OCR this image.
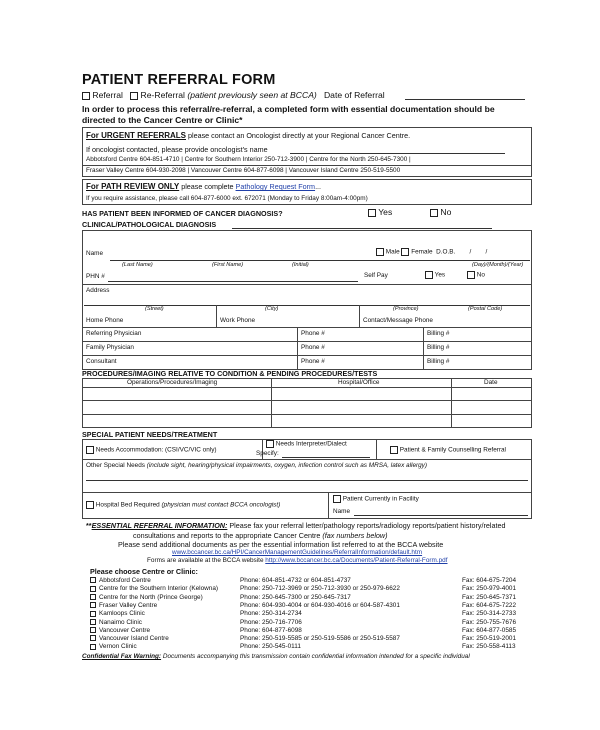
PATIENT REFERRAL FORM
Referral Re-Referral (patient previously seen at BCCA) Date of Referral
In order to process this referral/re-referral, a completed form with essential documentation should be
directed to the Cancer Centre or Clinic*
For URGENT REFERRALS please contact an Oncologist directly at your Regional Cancer Centre.
If oncologist contacted, please provide oncologist's name
Abbotsford Centre 604-851-4710 | Centre for Southern Interior 250-712-3900 | Centre for the North 250-645-7300 |
Fraser Valley Centre 604-930-2098 | Vancouver Centre 604-877-6098 | Vancouver Island Centre 250-519-5500
For PATH REVIEW ONLY please complete Pathology Request Form...
If you require assistance, please call 604-877-6000 ext. 672071 (Monday to Friday 8:00am-4:00pm)
HAS PATIENT BEEN INFORMED OF CANCER DIAGNOSIS?	Yes	No
CLINICAL/PATHOLOGICAL DIAGNOSIS
Name	Male Female D.O.B. / /
(Last Name)	(First Name)	(Initial)	(Day)/(Month)/(Year)
PHN #	Self Pay	Yes	No
Address
(Street)	(City)	(Province)	(Postal Code)
Home Phone	Work Phone	Contact/Message Phone
Referring Physician	Phone #	Billing #
Family Physician	Phone #	Billing #
Consultant	Phone #	Billing #
PROCEDURES/IMAGING RELATIVE TO CONDITION & PENDING PROCEDURES/TESTS
Operations/Procedures/Imaging	Hospital/Office	Date
SPECIAL PATIENT NEEDS/TREATMENT
Needs Accommodation: (CSI/VC/VIC only)
Needs Interpreter/Dialect
Specify:	Patient & Family Counselling Referral
Other Special Needs (include sight, hearing/physical impairments, oxygen, infection control such as MRSA, latex allergy)
Hospital Bed Required (physician must contact BCCA oncologist)
Patient Currently in Facility
Name
**ESSENTIAL REFERRAL INFORMATION: Please fax your referral letter/pathology reports/radiology reports/patient history/related
consultations and reports to the appropriate Cancer Centre (fax numbers below)
Please send additional documents as per the essential information list referred to at the BCCA website
www.bccancer.bc.ca/HPI/CancerManagementGuidelines/ReferralInformation/default.htm
Forms are available at the BCCA website http://www.bccancer.bc.ca/Documents/Patient-Referral-Form.pdf
Please choose Centre or Clinic:
Abbotsford Centre	Phone: 604-851-4732 or 604-851-4737	Fax: 604-675-7204
Centre for the Southern Interior (Kelowna)	Phone: 250-712-3969 or 250-712-3930 or 250-979-6622	Fax: 250-979-4001
Centre for the North (Prince George)	Phone: 250-645-7300 or 250-645-7317	Fax: 250-645-7371
Fraser Valley Centre	Phone: 604-930-4004 or 604-930-4016 or 604-587-4301	Fax: 604-675-7222
Kamloops Clinic	Phone: 250-314-2734	Fax: 250-314-2733
Nanaimo Clinic	Phone: 250-716-7706	Fax: 250-755-7676
Vancouver Centre	Phone: 604-877-6098	Fax: 604-877-0585
Vancouver Island Centre	Phone: 250-519-5585 or 250-519-5586 or 250-519-5587	Fax: 250-519-2001
Vernon Clinic	Phone: 250-545-0111	Fax: 250-558-4113
Confidential Fax Warning: Documents accompanying this transmission contain confidential information intended for a specific individual
